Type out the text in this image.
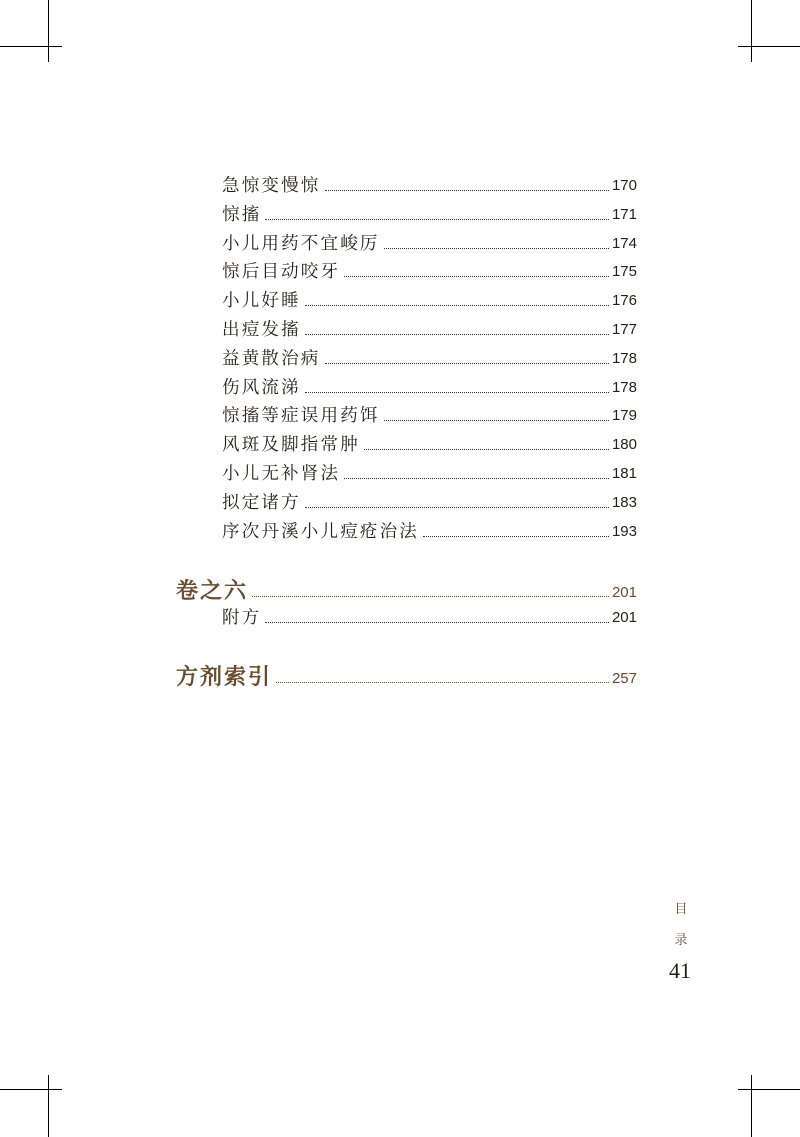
急惊变慢惊	170
惊搐	171
小儿用药不宜峻厉	174
惊后目动咬牙	175
小儿好睡	176
出痘发搐	177
益黄散治病	178
伤风流涕	178
惊搐等症误用药饵	179
风斑及脚指常肿	180
小儿无补肾法	181
拟定诸方	183
序次丹溪小儿痘疮治法	193
卷之六	201
附方	201
方剂索引	257
目
录
41
